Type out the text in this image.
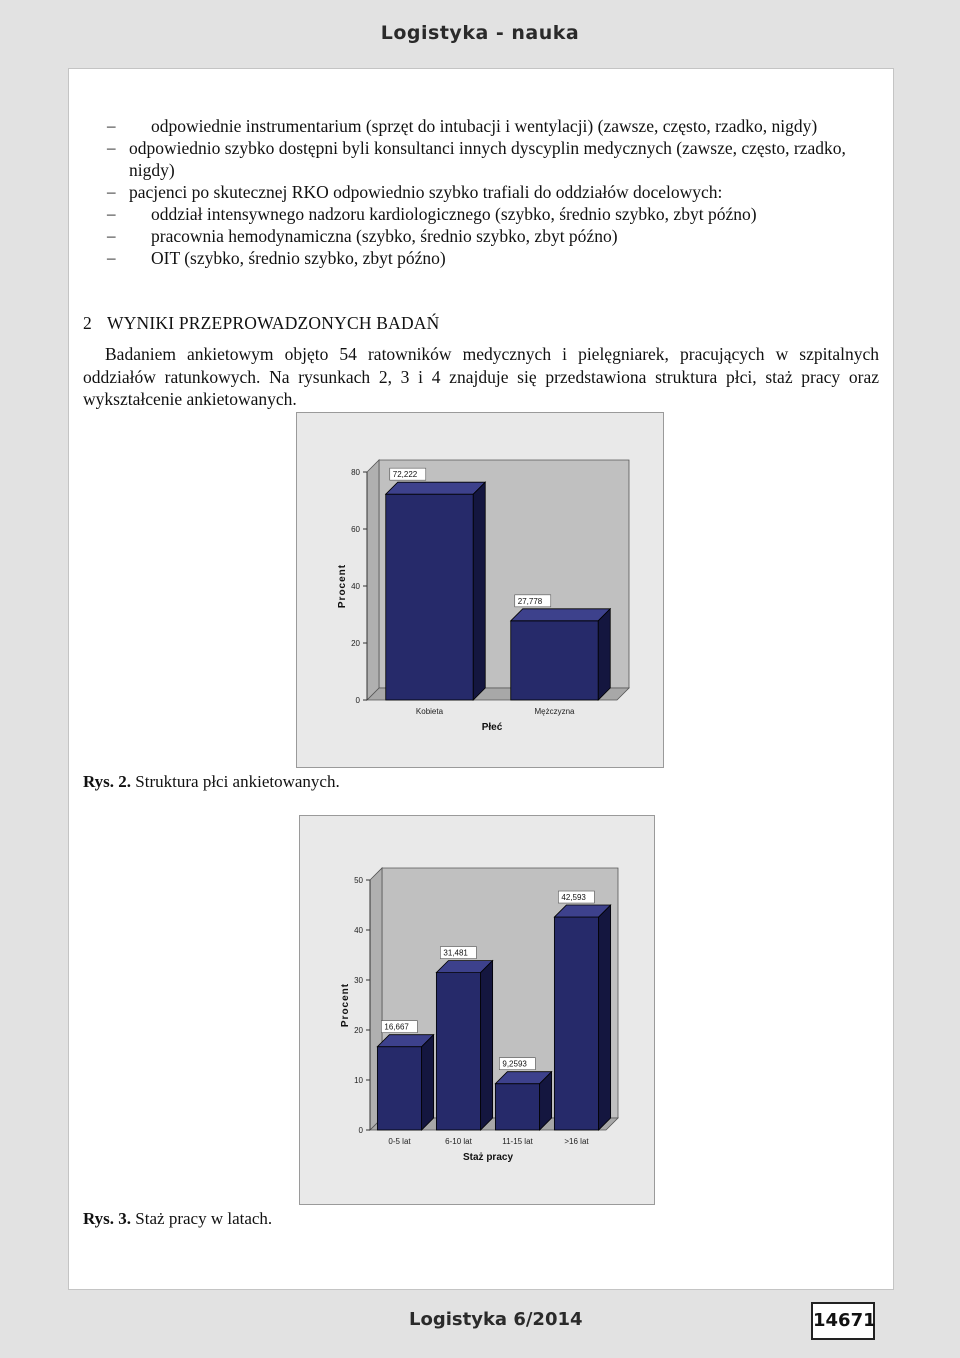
Logistyka - nauka
– odpowiednie instrumentarium (sprzęt do intubacji i wentylacji) (zawsze, często, rzadko, nigdy)
– odpowiednio szybko dostępni byli konsultanci innych dyscyplin medycznych (zawsze, często, rzadko, nigdy)
– pacjenci po skutecznej RKO odpowiednio szybko trafiali do oddziałów docelowych:
– oddział intensywnego nadzoru kardiologicznego (szybko, średnio szybko, zbyt późno)
– pracownia hemodynamiczna (szybko, średnio szybko, zbyt późno)
– OIT (szybko, średnio szybko, zbyt późno)
2 WYNIKI PRZEPROWADZONYCH BADAŃ

Badaniem ankietowym objęto 54 ratowników medycznych i pielęgniarek, pracujących w szpitalnych oddziałów ratunkowych. Na rysunkach 2, 3 i 4 znajduje się przedstawiona struktura płci, staż pracy oraz wykształcenie ankietowanych.

0
20
40
60
80	72,222
Kobieta
27,778
Mężczyzna
Płeć
Procent
Rys. 2. Struktura płci ankietowanych.
0
10
20
30
40
50
16,667
0-5 lat
31,481
6-10 lat
9,2593
11-15 lat
42,593
>16 lat
Staż pracy
Procent
Rys. 3. Staż pracy w latach.
Logistyka 6/2014	14671
